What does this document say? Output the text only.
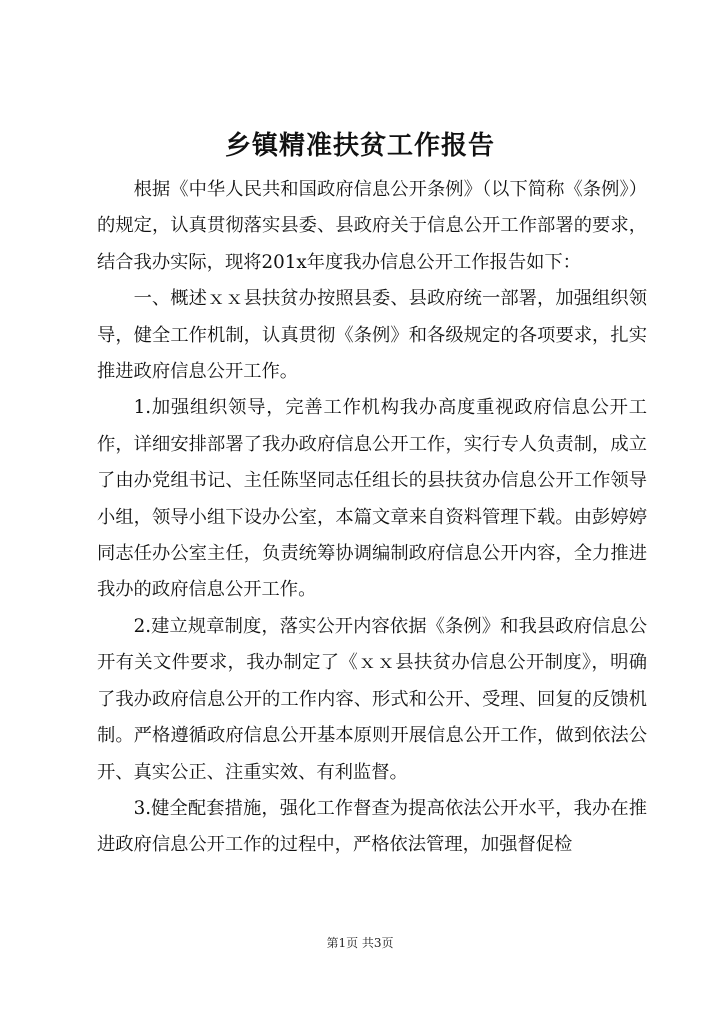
乡镇精准扶贫工作报告

根据《中华人民共和国政府信息公开条例》（以下简称《条例》）的规定，认真贯彻落实县委、县政府关于信息公开工作部署的要求，结合我办实际，现将201x年度我办信息公开工作报告如下：

一、概述ｘｘ县扶贫办按照县委、县政府统一部署，加强组织领导，健全工作机制，认真贯彻《条例》和各级规定的各项要求，扎实推进政府信息公开工作。

1.加强组织领导，完善工作机构我办高度重视政府信息公开工作，详细安排部署了我办政府信息公开工作，实行专人负责制，成立了由办党组书记、主任陈坚同志任组长的县扶贫办信息公开工作领导小组，领导小组下设办公室，本篇文章来自资料管理下载。由彭婷婷同志任办公室主任，负责统筹协调编制政府信息公开内容，全力推进我办的政府信息公开工作。

2.建立规章制度，落实公开内容依据《条例》和我县政府信息公开有关文件要求，我办制定了《ｘｘ县扶贫办信息公开制度》，明确了我办政府信息公开的工作内容、形式和公开、受理、回复的反馈机制。严格遵循政府信息公开基本原则开展信息公开工作，做到依法公开、真实公正、注重实效、有利监督。

3.健全配套措施，强化工作督查为提高依法公开水平，我办在推进政府信息公开工作的过程中，严格依法管理，加强督促检

第1页 共3页
